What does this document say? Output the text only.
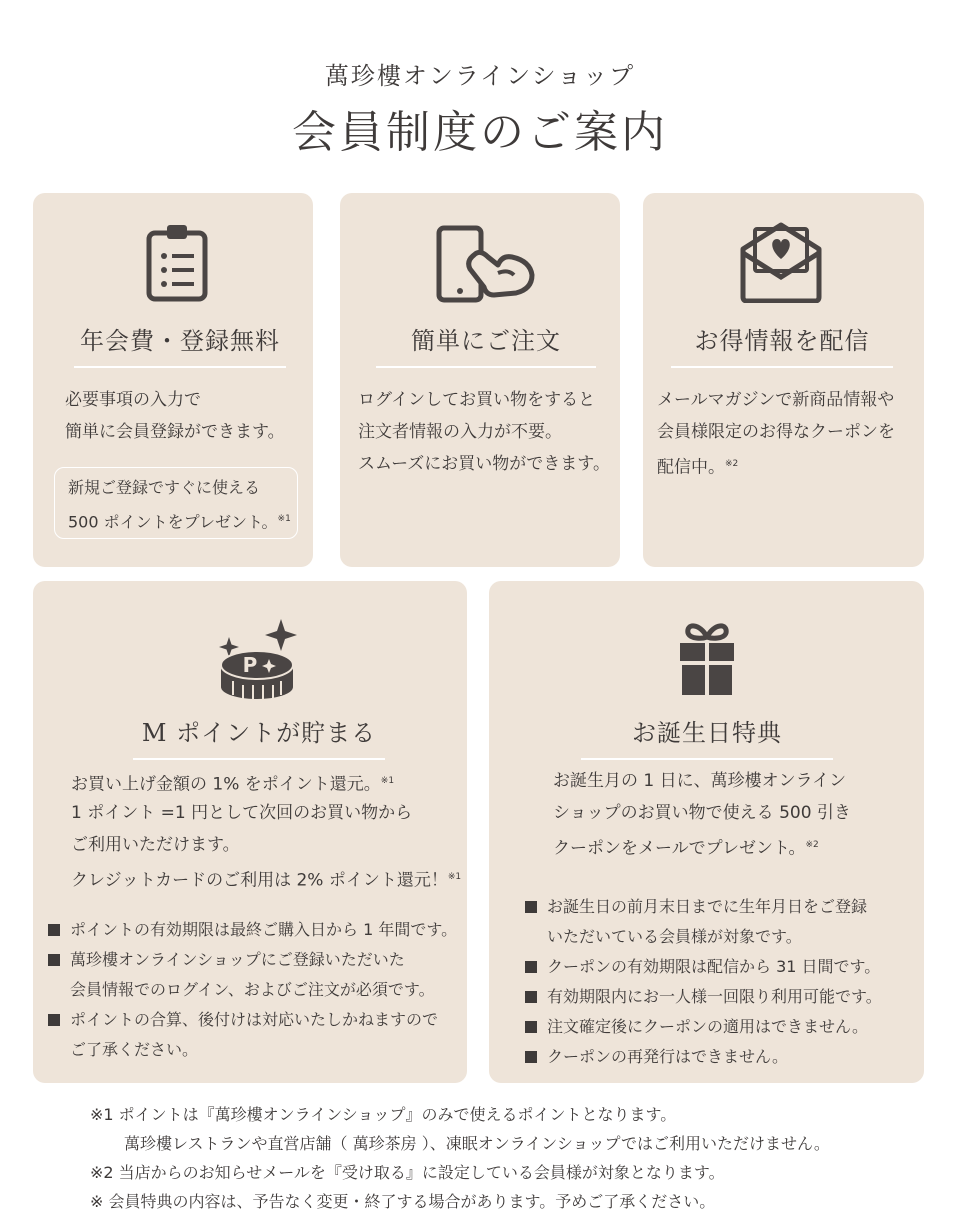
萬珍樓オンラインショップ
会員制度のご案内
年会費・登録無料
必要事項の入力で
簡単に会員登録ができます。
新規ご登録ですぐに使える
500 ポイントをプレゼント。$^{※1}$
簡単にご注文
ログインしてお買い物をすると
注文者情報の入力が不要。
スムーズにお買い物ができます。
お得情報を配信
メールマガジンで新商品情報や
会員様限定のお得なクーポンを
配信中。$^{※2}$
P
M ポイントが貯まる
お買い上げ金額の 1% をポイント還元。$^{※1}$
1 ポイント =1 円として次回のお買い物から
ご利用いただけます。
クレジットカードのご利用は 2% ポイント還元！$^{※1}$
ポイントの有効期限は最終ご購入日から 1 年間です。
萬珍樓オンラインショップにご登録いただいた
会員情報でのログイン、およびご注文が必須です。
ポイントの合算、後付けは対応いたしかねますので
ご了承ください。
お誕生日特典
お誕生月の 1 日に、萬珍樓オンライン
ショップのお買い物で使える 500 引き
クーポンをメールでプレゼント。$^{※2}$
お誕生日の前月末日までに生年月日をご登録
いただいている会員様が対象です。
クーポンの有効期限は配信から 31 日間です。
有効期限内にお一人様一回限り利用可能です。
注文確定後にクーポンの適用はできません。
クーポンの再発行はできません。
※1 ポイントは『萬珍樓オンラインショップ』のみで使えるポイントとなります。
萬珍樓レストランや直営店舗（ 萬珍茶房 ）、凍眠オンラインショップではご利用いただけません。
※2 当店からのお知らせメールを『受け取る』に設定している会員様が対象となります。
※ 会員特典の内容は、予告なく変更・終了する場合があります。予めご了承ください。
